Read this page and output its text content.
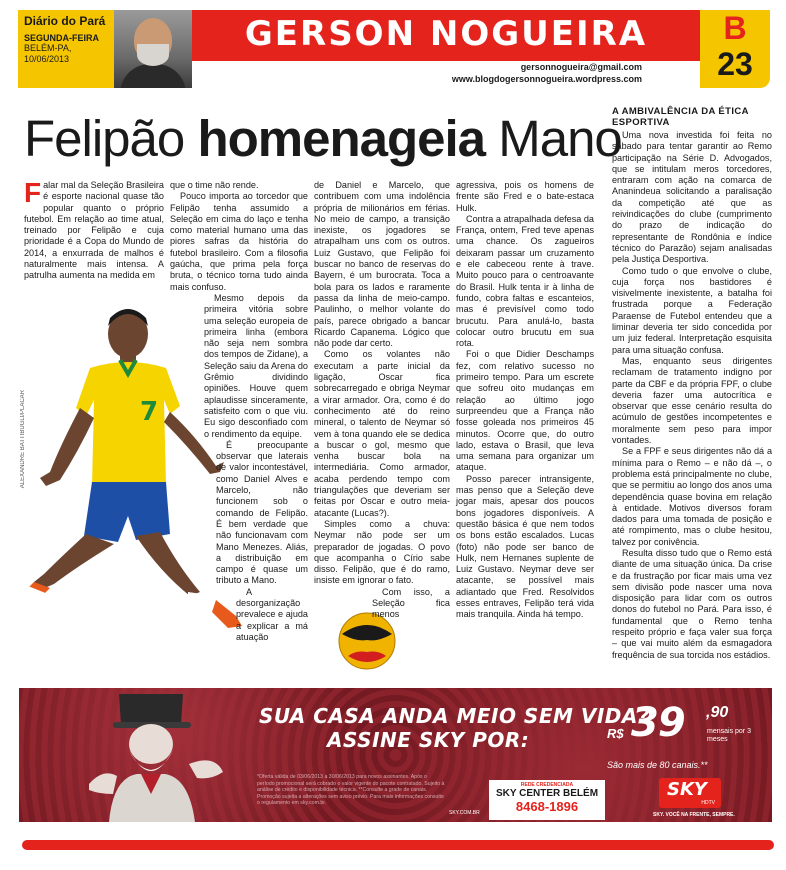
Diário do Pará
SEGUNDA-FEIRA
BELÉM-PA,
10/06/2013
GERSON NOGUEIRA
gersonnogueira@gmail.com
www.blogdogersonnogueira.wordpress.com
B
23
Felipão homenageia Mano
7
ALEXANDRE BATTIBUGLI/PLACAR

Falar mal da Seleção Brasileira é esporte nacional quase tão popular quanto o próprio futebol. Em relação ao time atual, treinado por Felipão e cuja prioridade é a Copa do Mundo de 2014, a enxurrada de malhos é naturalmente mais intensa. A patrulha aumenta na medida em

que o time não rende.

Pouco importa ao torcedor que Felipão tenha assumido a Seleção em cima do laço e tenha como material humano uma das piores safras da história do futebol brasileiro. Com a filosofia gaúcha, que prima pela força bruta, o técnico torna tudo ainda mais confuso.

Mesmo depois da primeira vitória sobre uma seleção europeia de primeira linha (embora não seja nem sombra dos tempos de Zidane), a Seleção saiu da Arena do Grêmio dividindo opiniões. Houve quem aplaudisse sinceramente, satisfeito com o que viu. Eu sigo desconfiado com o rendimento da equipe.

É preocupante observar que laterais de valor incontestável, como Daniel Alves e Marcelo, não funcionem sob o comando de Felipão. É bem verdade que não funcionavam com Mano Menezes. Aliás, a distribuição em campo é quase um tributo a Mano.

A desorganização prevalece e ajuda a explicar a má atuação

de Daniel e Marcelo, que contribuem com uma indolência própria de milionários em férias. No meio de campo, a transição inexiste, os jogadores se atrapalham uns com os outros. Luiz Gustavo, que Felipão foi buscar no banco de reservas do Bayern, é um burocrata. Toca a bola para os lados e raramente passa da linha de meio-campo. Paulinho, o melhor volante do país, parece obrigado a bancar Ricardo Capanema. Lógico que não pode dar certo.

Como os volantes não executam a parte inicial da ligação, Oscar fica sobrecarregado e obriga Neymar a virar armador. Ora, como é do conhecimento até do reino mineral, o talento de Neymar só vem à tona quando ele se dedica a buscar o gol, mesmo que venha buscar bola na intermediária. Como armador, acaba perdendo tempo com triangulações que deveriam ser feitas por Oscar e outro meia-atacante (Lucas?).

Simples como a chuva: Neymar não pode ser um preparador de jogadas. O povo que acompanha o Círio sabe disso. Felipão, que é do ramo, insiste em ignorar o fato.

Com isso, a Seleção fica menos

agressiva, pois os homens de frente são Fred e o bate-estaca Hulk.

Contra a atrapalhada defesa da França, ontem, Fred teve apenas uma chance. Os zagueiros deixaram passar um cruzamento e ele cabeceou rente à trave. Muito pouco para o centroavante do Brasil. Hulk tenta ir à linha de fundo, cobra faltas e escanteios, mas é previsível como todo brucutu. Para anulá-lo, basta colocar outro brucutu em sua rota.

Foi o que Didier Deschamps fez, com relativo sucesso no primeiro tempo. Para um escrete que sofreu oito mudanças em relação ao último jogo surpreendeu que a França não fosse goleada nos primeiros 45 minutos. Ocorre que, do outro lado, estava o Brasil, que leva uma semana para organizar um ataque.

Posso parecer intransigente, mas penso que a Seleção deve jogar mais, apesar dos poucos bons jogadores disponíveis. A questão básica é que nem todos os bons estão escalados. Lucas (foto) não pode ser banco de Hulk, nem Hernanes suplente de Luiz Gustavo. Neymar deve ser atacante, se possível mais adiantado que Fred. Resolvidos esses entraves, Felipão terá vida mais tranquila. Ainda há tempo.

A AMBIVALÊNCIA DA ÉTICA ESPORTIVA

Uma nova investida foi feita no sábado para tentar garantir ao Remo participação na Série D. Advogados, que se intitulam meros torcedores, entraram com ação na comarca de Ananindeua solicitando a paralisação da competição até que as reivindicações do clube (cumprimento do prazo de indicação do representante de Rondônia e índice técnico do Parazão) sejam analisadas pela Justiça Desportiva.

Como tudo o que envolve o clube, cuja força nos bastidores é visivelmente inexistente, a batalha foi frustrada porque a Federação Paraense de Futebol entendeu que a liminar deveria ter sido concedida por um juiz federal. Interpretação esquisita para uma situação confusa.

Mas, enquanto seus dirigentes reclamam de tratamento indigno por parte da CBF e da própria FPF, o clube deveria fazer uma autocrítica e observar que esse cenário resulta do acúmulo de gestões incompetentes e moralmente sem peso para impor vontades.

Se a FPF e seus dirigentes não dá a mínima para o Remo – e não dá –, o problema está principalmente no clube, que se permitiu ao longo dos anos uma dependência quase bovina em relação à entidade. Motivos diversos foram dados para uma tomada de posição e até rompimento, mas o clube hesitou, talvez por conivência.

Resulta disso tudo que o Remo está diante de uma situação única. Da crise e da frustração por ficar mais uma vez sem divisão pode nascer uma nova disposição para lidar com os outros donos do futebol no Pará. Para isso, é fundamental que o Remo tenha respeito próprio e faça valer sua força – que vai muito além da esmagadora frequência de sua torcida nos estádios.

SUA CASA ANDA MEIO SEM VIDA?
ASSINE SKY POR:	R$ 39 ,90
mensais por 3 meses
São mais de 80 canais.**
*Oferta válida de 03/06/2013 a 30/06/2013 para novos assinantes. Após o período promocional será cobrado o valor vigente do pacote contratado. Sujeito à análise de crédito e disponibilidade técnica. **Consulte a grade de canais. Promoção sujeita a alterações sem aviso prévio. Para mais informações consulte o regulamento em sky.com.br.
REDE CREDENCIADA
SKY CENTER BELÉM
8468-1896
SKY
HDTV
SKY.COM.BR	SKY. VOCÊ NA FRENTE, SEMPRE.
